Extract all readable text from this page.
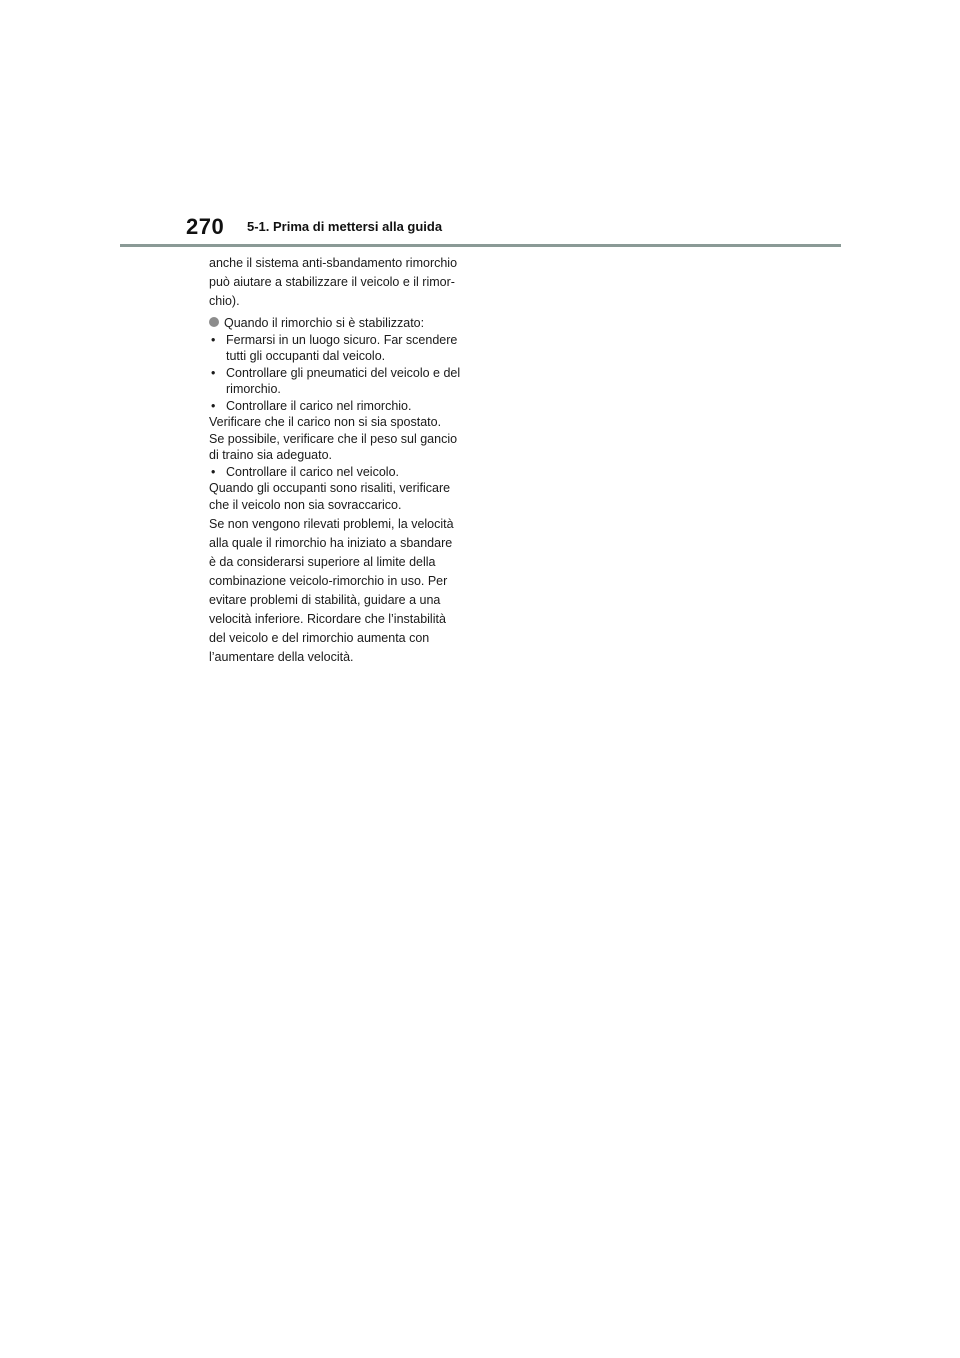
270 5-1. Prima di mettersi alla guida

anche il sistema anti-sbandamento rimorchio

può aiutare a stabilizzare il veicolo e il rimor-

chio).

Quando il rimorchio si è stabilizzato:
• Fermarsi in un luogo sicuro. Far scendere tutti gli occupanti dal veicolo.
• Controllare gli pneumatici del veicolo e del rimorchio.
• Controllare il carico nel rimorchio.

Verificare che il carico non si sia spostato.

Se possibile, verificare che il peso sul gancio

di traino sia adeguato.

• Controllare il carico nel veicolo.

Quando gli occupanti sono risaliti, verificare

che il veicolo non sia sovraccarico.

Se non vengono rilevati problemi, la velocità

alla quale il rimorchio ha iniziato a sbandare

è da considerarsi superiore al limite della

combinazione veicolo-rimorchio in uso. Per

evitare problemi di stabilità, guidare a una

velocità inferiore. Ricordare che l’instabilità

del veicolo e del rimorchio aumenta con

l’aumentare della velocità.
